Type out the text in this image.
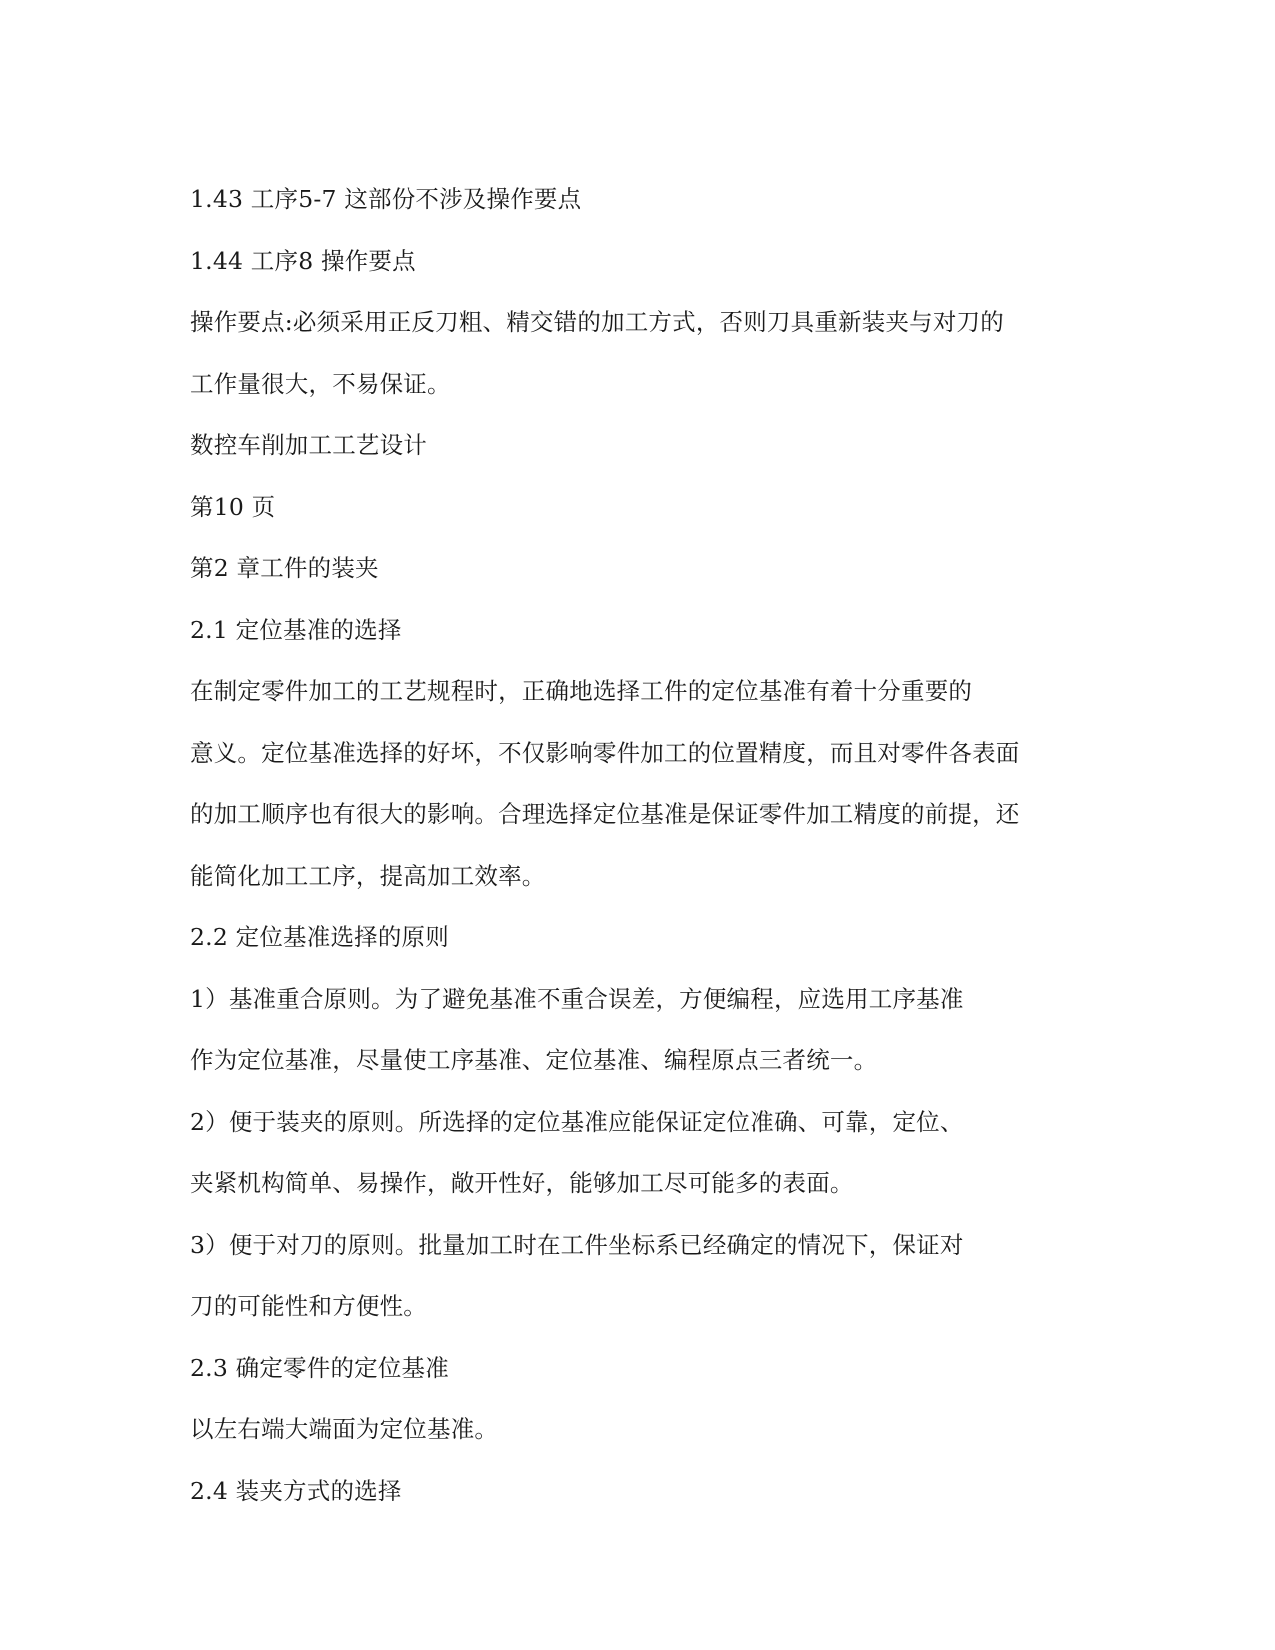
1.43 工序5-7 这部份不涉及操作要点
1.44 工序8 操作要点
操作要点:必须采用正反刀粗、精交错的加工方式，否则刀具重新装夹与对刀的
工作量很大，不易保证。
数控车削加工工艺设计
第10 页
第2 章工件的装夹
2.1 定位基准的选择
在制定零件加工的工艺规程时，正确地选择工件的定位基准有着十分重要的
意义。定位基准选择的好坏，不仅影响零件加工的位置精度，而且对零件各表面
的加工顺序也有很大的影响。合理选择定位基准是保证零件加工精度的前提，还
能简化加工工序，提高加工效率。
2.2 定位基准选择的原则
1）基准重合原则。为了避免基准不重合误差，方便编程，应选用工序基准
作为定位基准，尽量使工序基准、定位基准、编程原点三者统一。
2）便于装夹的原则。所选择的定位基准应能保证定位准确、可靠，定位、
夹紧机构简单、易操作，敞开性好，能够加工尽可能多的表面。
3）便于对刀的原则。批量加工时在工件坐标系已经确定的情况下，保证对
刀的可能性和方便性。
2.3 确定零件的定位基准
以左右端大端面为定位基准。
2.4 装夹方式的选择
